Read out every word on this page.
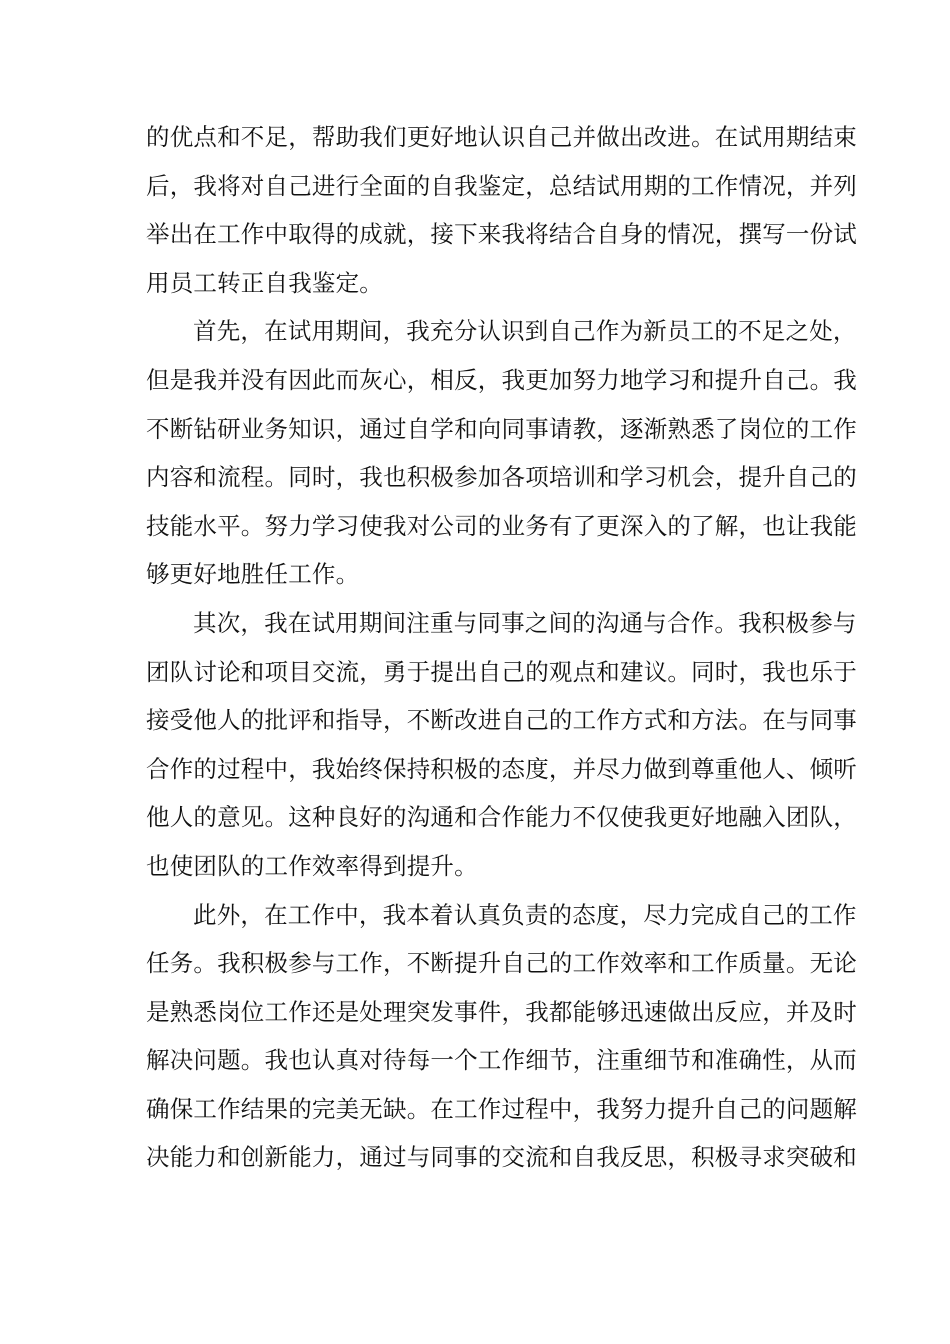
的优点和不足，帮助我们更好地认识自己并做出改进。在试用期结束
后，我将对自己进行全面的自我鉴定，总结试用期的工作情况，并列
举出在工作中取得的成就，接下来我将结合自身的情况，撰写一份试
用员工转正自我鉴定。
首先，在试用期间，我充分认识到自己作为新员工的不足之处，
但是我并没有因此而灰心，相反，我更加努力地学习和提升自己。我
不断钻研业务知识，通过自学和向同事请教，逐渐熟悉了岗位的工作
内容和流程。同时，我也积极参加各项培训和学习机会，提升自己的
技能水平。努力学习使我对公司的业务有了更深入的了解，也让我能
够更好地胜任工作。
其次，我在试用期间注重与同事之间的沟通与合作。我积极参与
团队讨论和项目交流，勇于提出自己的观点和建议。同时，我也乐于
接受他人的批评和指导，不断改进自己的工作方式和方法。在与同事
合作的过程中，我始终保持积极的态度，并尽力做到尊重他人、倾听
他人的意见。这种良好的沟通和合作能力不仅使我更好地融入团队，
也使团队的工作效率得到提升。
此外，在工作中，我本着认真负责的态度，尽力完成自己的工作
任务。我积极参与工作，不断提升自己的工作效率和工作质量。无论
是熟悉岗位工作还是处理突发事件，我都能够迅速做出反应，并及时
解决问题。我也认真对待每一个工作细节，注重细节和准确性，从而
确保工作结果的完美无缺。在工作过程中，我努力提升自己的问题解
决能力和创新能力，通过与同事的交流和自我反思，积极寻求突破和
